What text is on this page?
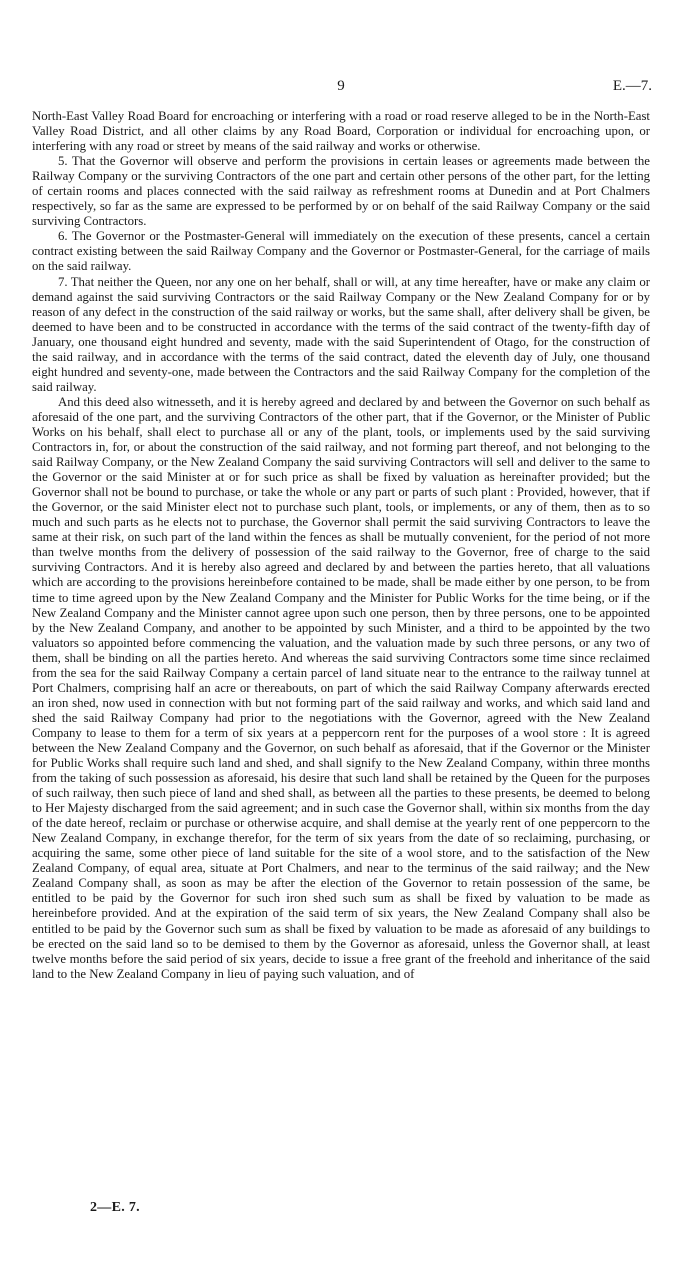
9	E.—7.

North-East Valley Road Board for encroaching or interfering with a road or road reserve alleged to be in the North-East Valley Road District, and all other claims by any Road Board, Corporation or individual for encroaching upon, or interfering with any road or street by means of the said railway and works or otherwise.

5. That the Governor will observe and perform the provisions in certain leases or agreements made between the Railway Company or the surviving Contractors of the one part and certain other persons of the other part, for the letting of certain rooms and places connected with the said railway as refreshment rooms at Dunedin and at Port Chalmers respectively, so far as the same are expressed to be performed by or on behalf of the said Railway Company or the said surviving Contractors.

6. The Governor or the Postmaster-General will immediately on the execution of these presents, cancel a certain contract existing between the said Railway Company and the Governor or Postmaster-General, for the carriage of mails on the said railway.

7. That neither the Queen, nor any one on her behalf, shall or will, at any time hereafter, have or make any claim or demand against the said surviving Contractors or the said Railway Company or the New Zealand Company for or by reason of any defect in the construction of the said railway or works, but the same shall, after delivery shall be given, be deemed to have been and to be constructed in accordance with the terms of the said contract of the twenty-fifth day of January, one thousand eight hundred and seventy, made with the said Superintendent of Otago, for the construction of the said railway, and in accordance with the terms of the said contract, dated the eleventh day of July, one thousand eight hundred and seventy-one, made between the Contractors and the said Railway Company for the completion of the said railway.

And this deed also witnesseth, and it is hereby agreed and declared by and between the Governor on such behalf as aforesaid of the one part, and the surviving Contractors of the other part, that if the Governor, or the Minister of Public Works on his behalf, shall elect to purchase all or any of the plant, tools, or implements used by the said surviving Contractors in, for, or about the construction of the said railway, and not forming part thereof, and not belonging to the said Railway Company, or the New Zealand Company the said surviving Contractors will sell and deliver to the same to the Governor or the said Minister at or for such price as shall be fixed by valuation as hereinafter provided; but the Governor shall not be bound to purchase, or take the whole or any part or parts of such plant : Provided, however, that if the Governor, or the said Minister elect not to purchase such plant, tools, or implements, or any of them, then as to so much and such parts as he elects not to purchase, the Governor shall permit the said surviving Contractors to leave the same at their risk, on such part of the land within the fences as shall be mutually convenient, for the period of not more than twelve months from the delivery of possession of the said railway to the Governor, free of charge to the said surviving Contractors. And it is hereby also agreed and declared by and between the parties hereto, that all valuations which are according to the provisions hereinbefore contained to be made, shall be made either by one person, to be from time to time agreed upon by the New Zealand Company and the Minister for Public Works for the time being, or if the New Zealand Company and the Minister cannot agree upon such one person, then by three persons, one to be appointed by the New Zealand Company, and another to be appointed by such Minister, and a third to be appointed by the two valuators so appointed before commencing the valuation, and the valuation made by such three persons, or any two of them, shall be binding on all the parties hereto. And whereas the said surviving Contractors some time since reclaimed from the sea for the said Railway Company a certain parcel of land situate near to the entrance to the railway tunnel at Port Chalmers, comprising half an acre or thereabouts, on part of which the said Railway Company afterwards erected an iron shed, now used in connection with but not forming part of the said railway and works, and which said land and shed the said Railway Company had prior to the negotiations with the Governor, agreed with the New Zealand Company to lease to them for a term of six years at a peppercorn rent for the purposes of a wool store : It is agreed between the New Zealand Company and the Governor, on such behalf as aforesaid, that if the Governor or the Minister for Public Works shall require such land and shed, and shall signify to the New Zealand Company, within three months from the taking of such possession as aforesaid, his desire that such land shall be retained by the Queen for the purposes of such railway, then such piece of land and shed shall, as between all the parties to these presents, be deemed to belong to Her Majesty discharged from the said agreement; and in such case the Governor shall, within six months from the day of the date hereof, reclaim or purchase or otherwise acquire, and shall demise at the yearly rent of one peppercorn to the New Zealand Company, in exchange therefor, for the term of six years from the date of so reclaiming, purchasing, or acquiring the same, some other piece of land suitable for the site of a wool store, and to the satisfaction of the New Zealand Company, of equal area, situate at Port Chalmers, and near to the terminus of the said railway; and the New Zealand Company shall, as soon as may be after the election of the Governor to retain possession of the same, be entitled to be paid by the Governor for such iron shed such sum as shall be fixed by valuation to be made as hereinbefore provided. And at the expiration of the said term of six years, the New Zealand Company shall also be entitled to be paid by the Governor such sum as shall be fixed by valuation to be made as aforesaid of any buildings to be erected on the said land so to be demised to them by the Governor as aforesaid, unless the Governor shall, at least twelve months before the said period of six years, decide to issue a free grant of the freehold and inheritance of the said land to the New Zealand Company in lieu of paying such valuation, and of

2—E. 7.
